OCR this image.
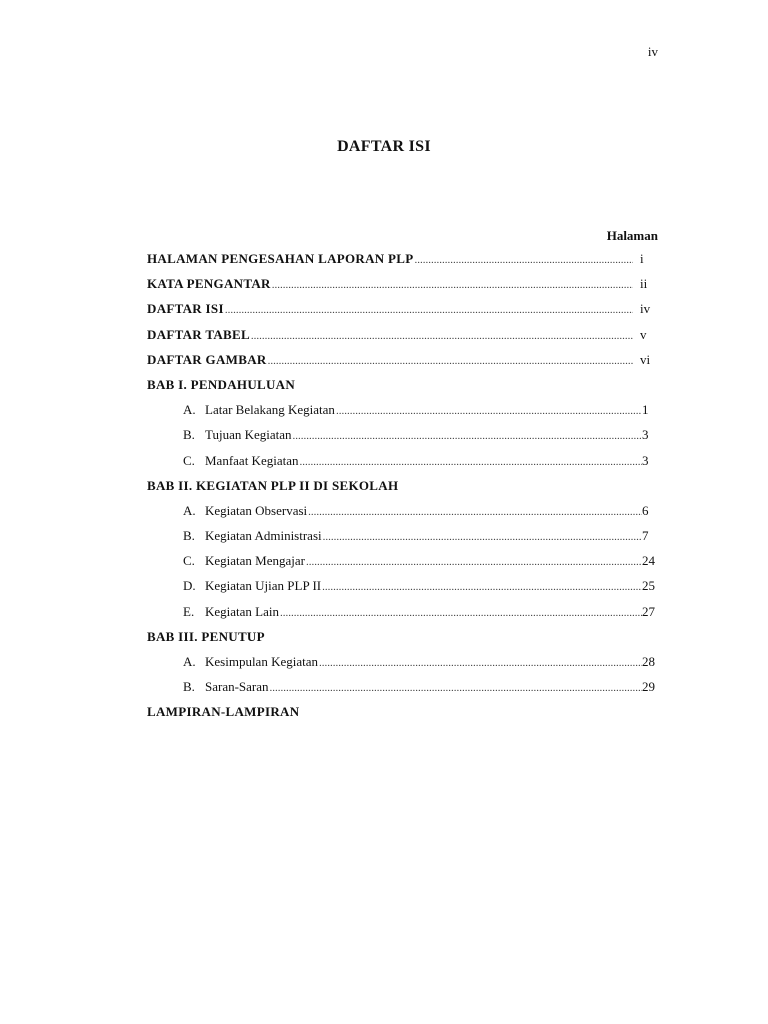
iv
DAFTAR ISI
Halaman
HALAMAN PENGESAHAN LAPORAN PLP .....	i
KATA PENGANTAR .....	ii
DAFTAR ISI .....	iv
DAFTAR TABEL .....	v
DAFTAR GAMBAR .....	vi
BAB I. PENDAHULUAN
A. Latar Belakang Kegiatan .....	1
B. Tujuan Kegiatan .....	3
C. Manfaat Kegiatan .....	3
BAB II. KEGIATAN PLP II DI SEKOLAH
A. Kegiatan Observasi .....	6
B. Kegiatan Administrasi .....	7
C. Kegiatan Mengajar .....	24
D. Kegiatan Ujian PLP II .....	25
E. Kegiatan Lain .....	27
BAB III. PENUTUP
A. Kesimpulan Kegiatan .....	28
B. Saran-Saran .....	29
LAMPIRAN-LAMPIRAN
